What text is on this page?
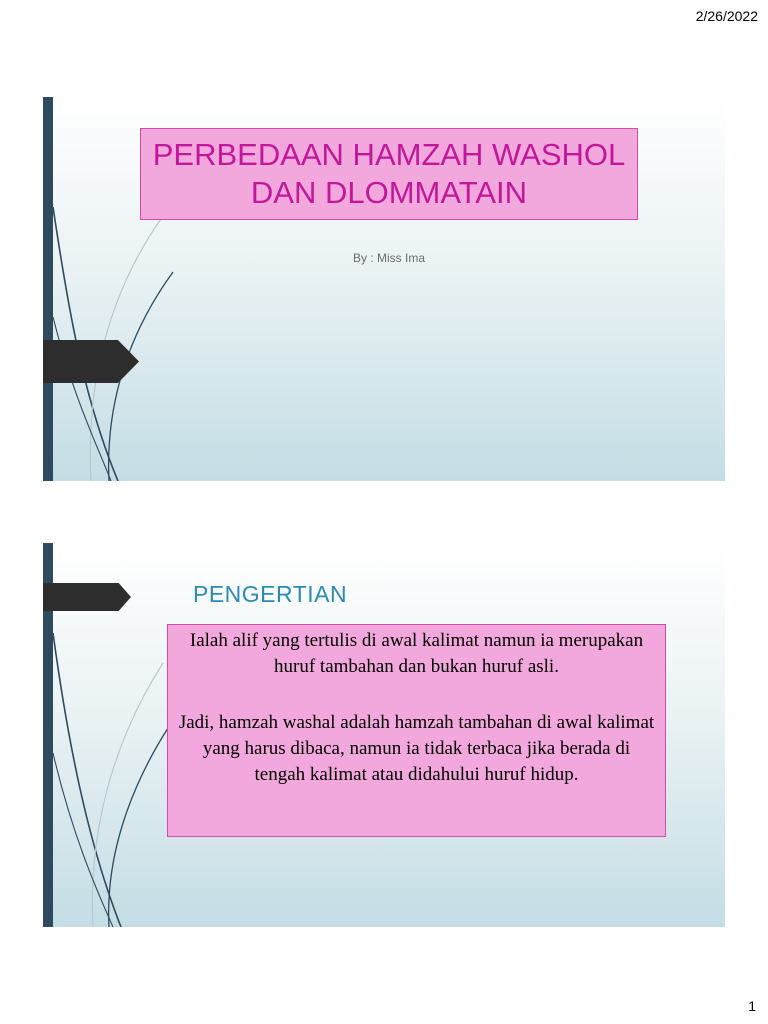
2/26/2022
PERBEDAAN HAMZAH WASHOL DAN DLOMMATAIN
By : Miss Ima
PENGERTIAN

Ialah alif yang tertulis di awal kalimat namun ia merupakan huruf tambahan dan bukan huruf asli.

Jadi, hamzah washal adalah hamzah tambahan di awal kalimat yang harus dibaca, namun ia tidak terbaca jika berada di tengah kalimat atau didahului huruf hidup.

1
